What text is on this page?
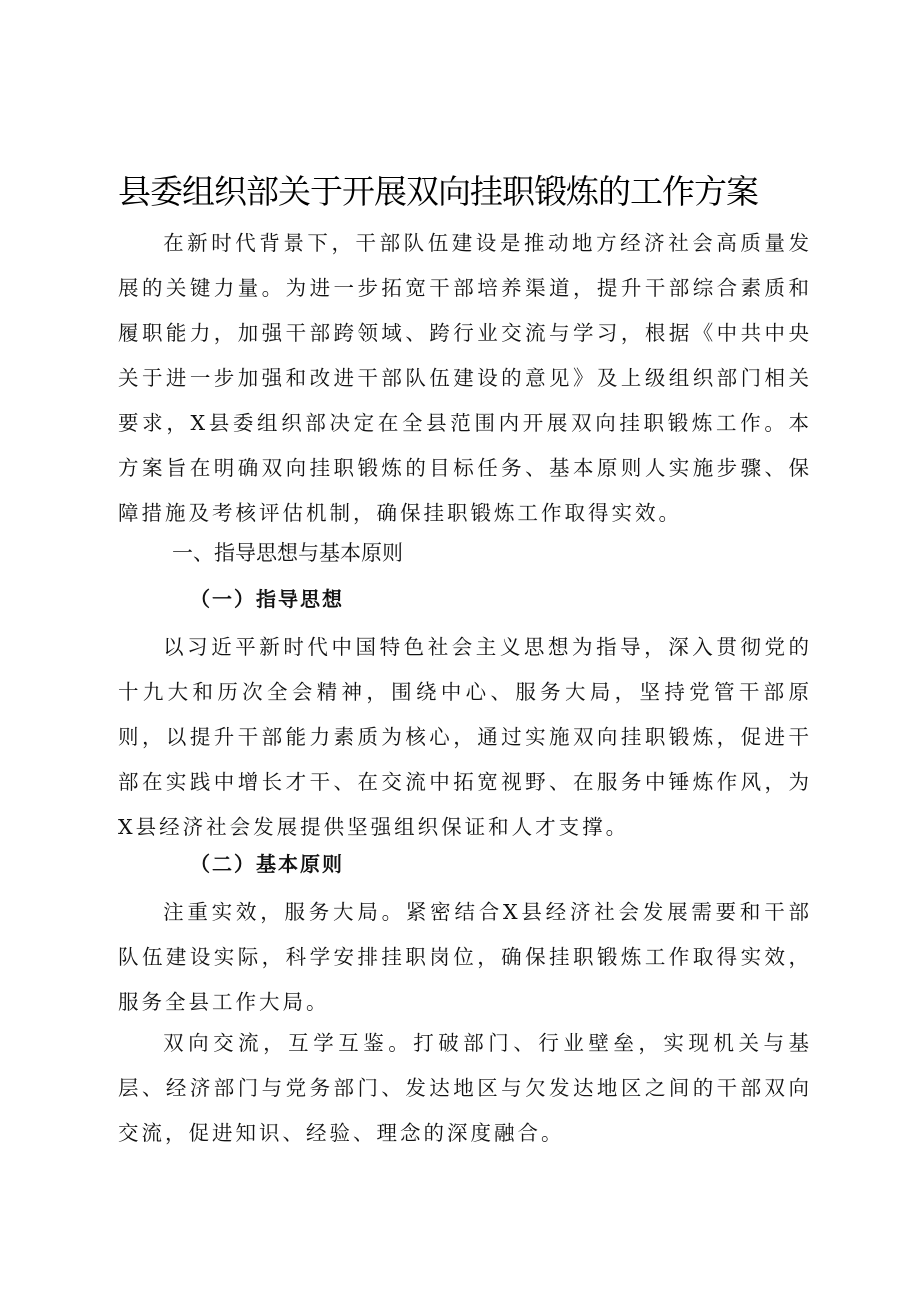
县委组织部关于开展双向挂职锻炼的工作方案

在新时代背景下，干部队伍建设是推动地方经济社会高质量发展的关键力量。为进一步拓宽干部培养渠道，提升干部综合素质和履职能力，加强干部跨领域、跨行业交流与学习，根据《中共中央关于进一步加强和改进干部队伍建设的意见》及上级组织部门相关要求，X县委组织部决定在全县范围内开展双向挂职锻炼工作。本方案旨在明确双向挂职锻炼的目标任务、基本原则人实施步骤、保障措施及考核评估机制，确保挂职锻炼工作取得实效。

一、指导思想与基本原则
（一）指导思想

以习近平新时代中国特色社会主义思想为指导，深入贯彻党的十九大和历次全会精神，围绕中心、服务大局，坚持党管干部原则，以提升干部能力素质为核心，通过实施双向挂职锻炼，促进干部在实践中增长才干、在交流中拓宽视野、在服务中锤炼作风，为X县经济社会发展提供坚强组织保证和人才支撑。

（二）基本原则

注重实效，服务大局。紧密结合X县经济社会发展需要和干部队伍建设实际，科学安排挂职岗位，确保挂职锻炼工作取得实效，服务全县工作大局。

双向交流，互学互鉴。打破部门、行业壁垒，实现机关与基层、经济部门与党务部门、发达地区与欠发达地区之间的干部双向交流，促进知识、经验、理念的深度融合。
